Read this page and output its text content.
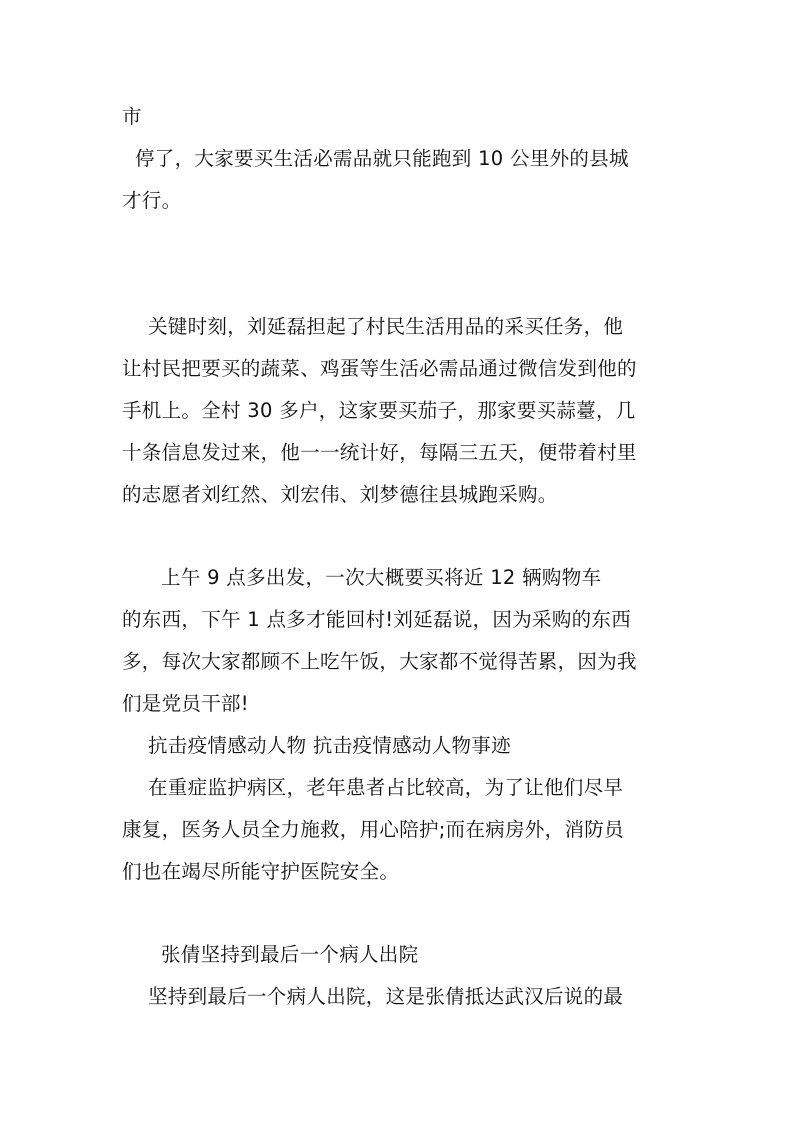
市
停了，大家要买生活必需品就只能跑到 10 公里外的县城
才行。
关键时刻，刘延磊担起了村民生活用品的采买任务，他
让村民把要买的蔬菜、鸡蛋等生活必需品通过微信发到他的
手机上。全村 30 多户，这家要买茄子，那家要买蒜薹，几
十条信息发过来，他一一统计好，每隔三五天，便带着村里
的志愿者刘红然、刘宏伟、刘梦德往县城跑采购。
上午 9 点多出发，一次大概要买将近 12 辆购物车
的东西，下午 1 点多才能回村!刘延磊说，因为采购的东西
多，每次大家都顾不上吃午饭，大家都不觉得苦累，因为我
们是党员干部!
抗击疫情感动人物 抗击疫情感动人物事迹
在重症监护病区，老年患者占比较高，为了让他们尽早
康复，医务人员全力施救，用心陪护;而在病房外，消防员
们也在竭尽所能守护医院安全。
张倩坚持到最后一个病人出院
坚持到最后一个病人出院，这是张倩抵达武汉后说的最
